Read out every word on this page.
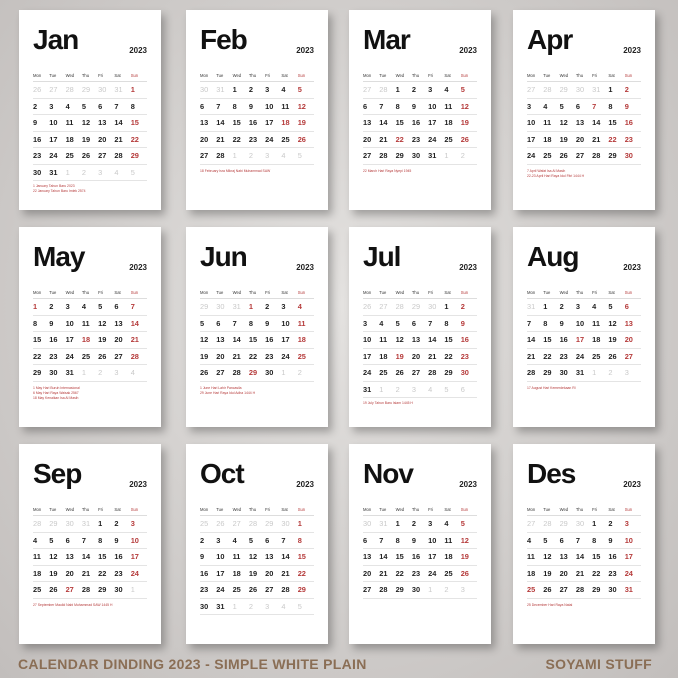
Jan	2023
Mon	Tue	Wed	Thu	Fri	Sat	Sun
26	27	28	29	30	31	1
2	3	4	5	6	7	8
9	10	11	12	13	14	15
16	17	18	19	20	21	22
23	24	25	26	27	28	29
30	31	1	2	3	4	5
1 January Tahun Baru 2023
22 January Tahun Baru Imlek 2574
Feb	2023
Mon	Tue	Wed	Thu	Fri	Sat	Sun
30	31	1	2	3	4	5
6	7	8	9	10	11	12
13	14	15	16	17	18	19
20	21	22	23	24	25	26
27	28	1	2	3	4	5
18 February Isra Mikraj Nabi Muhammad SAW
Mar	2023
Mon	Tue	Wed	Thu	Fri	Sat	Sun
27	28	1	2	3	4	5
6	7	8	9	10	11	12
13	14	15	16	17	18	19
20	21	22	23	24	25	26
27	28	29	30	31	1	2
22 March Hari Raya Nyepi 1945
Apr	2023
Mon	Tue	Wed	Thu	Fri	Sat	Sun
27	28	29	30	31	1	2
3	4	5	6	7	8	9
10	11	12	13	14	15	16
17	18	19	20	21	22	23
24	25	26	27	28	29	30
7 April Wafat Isa Al Masih
22-23 April Hari Raya Idul Fitri 1444 H
May	2023
Mon	Tue	Wed	Thu	Fri	Sat	Sun
1	2	3	4	5	6	7
8	9	10	11	12	13	14
15	16	17	18	19	20	21
22	23	24	25	26	27	28
29	30	31	1	2	3	4
1 May Hari Buruh Internasional
6 May Hari Raya Waisak 2567
18 May Kenaikan Isa Al Masih
Jun	2023
Mon	Tue	Wed	Thu	Fri	Sat	Sun
29	30	31	1	2	3	4
5	6	7	8	9	10	11
12	13	14	15	16	17	18
19	20	21	22	23	24	25
26	27	28	29	30	1	2
1 June Hari Lahir Pancasila
29 June Hari Raya Idul Adha 1444 H
Jul	2023
Mon	Tue	Wed	Thu	Fri	Sat	Sun
26	27	28	29	30	1	2
3	4	5	6	7	8	9
10	11	12	13	14	15	16
17	18	19	20	21	22	23
24	25	26	27	28	29	30
31	1	2	3	4	5	6
19 July Tahun Baru Islam 1445 H
Aug	2023
Mon	Tue	Wed	Thu	Fri	Sat	Sun
31	1	2	3	4	5	6
7	8	9	10	11	12	13
14	15	16	17	18	19	20
21	22	23	24	25	26	27
28	29	30	31	1	2	3
17 August Hari Kemerdekaan RI
Sep	2023
Mon	Tue	Wed	Thu	Fri	Sat	Sun
28	29	30	31	1	2	3
4	5	6	7	8	9	10
11	12	13	14	15	16	17
18	19	20	21	22	23	24
25	26	27	28	29	30	1
27 September Maulid Nabi Muhammad SAW 1445 H
Oct	2023
Mon	Tue	Wed	Thu	Fri	Sat	Sun
25	26	27	28	29	30	1
2	3	4	5	6	7	8
9	10	11	12	13	14	15
16	17	18	19	20	21	22
23	24	25	26	27	28	29
30	31	1	2	3	4	5
Nov	2023
Mon	Tue	Wed	Thu	Fri	Sat	Sun
30	31	1	2	3	4	5
6	7	8	9	10	11	12
13	14	15	16	17	18	19
20	21	22	23	24	25	26
27	28	29	30	1	2	3
Des	2023
Mon	Tue	Wed	Thu	Fri	Sat	Sun
27	28	29	30	1	2	3
4	5	6	7	8	9	10
11	12	13	14	15	16	17
18	19	20	21	22	23	24
25	26	27	28	29	30	31
25 December Hari Raya Natal
CALENDAR DINDING 2023 - SIMPLE WHITE PLAIN	SOYAMI STUFF
